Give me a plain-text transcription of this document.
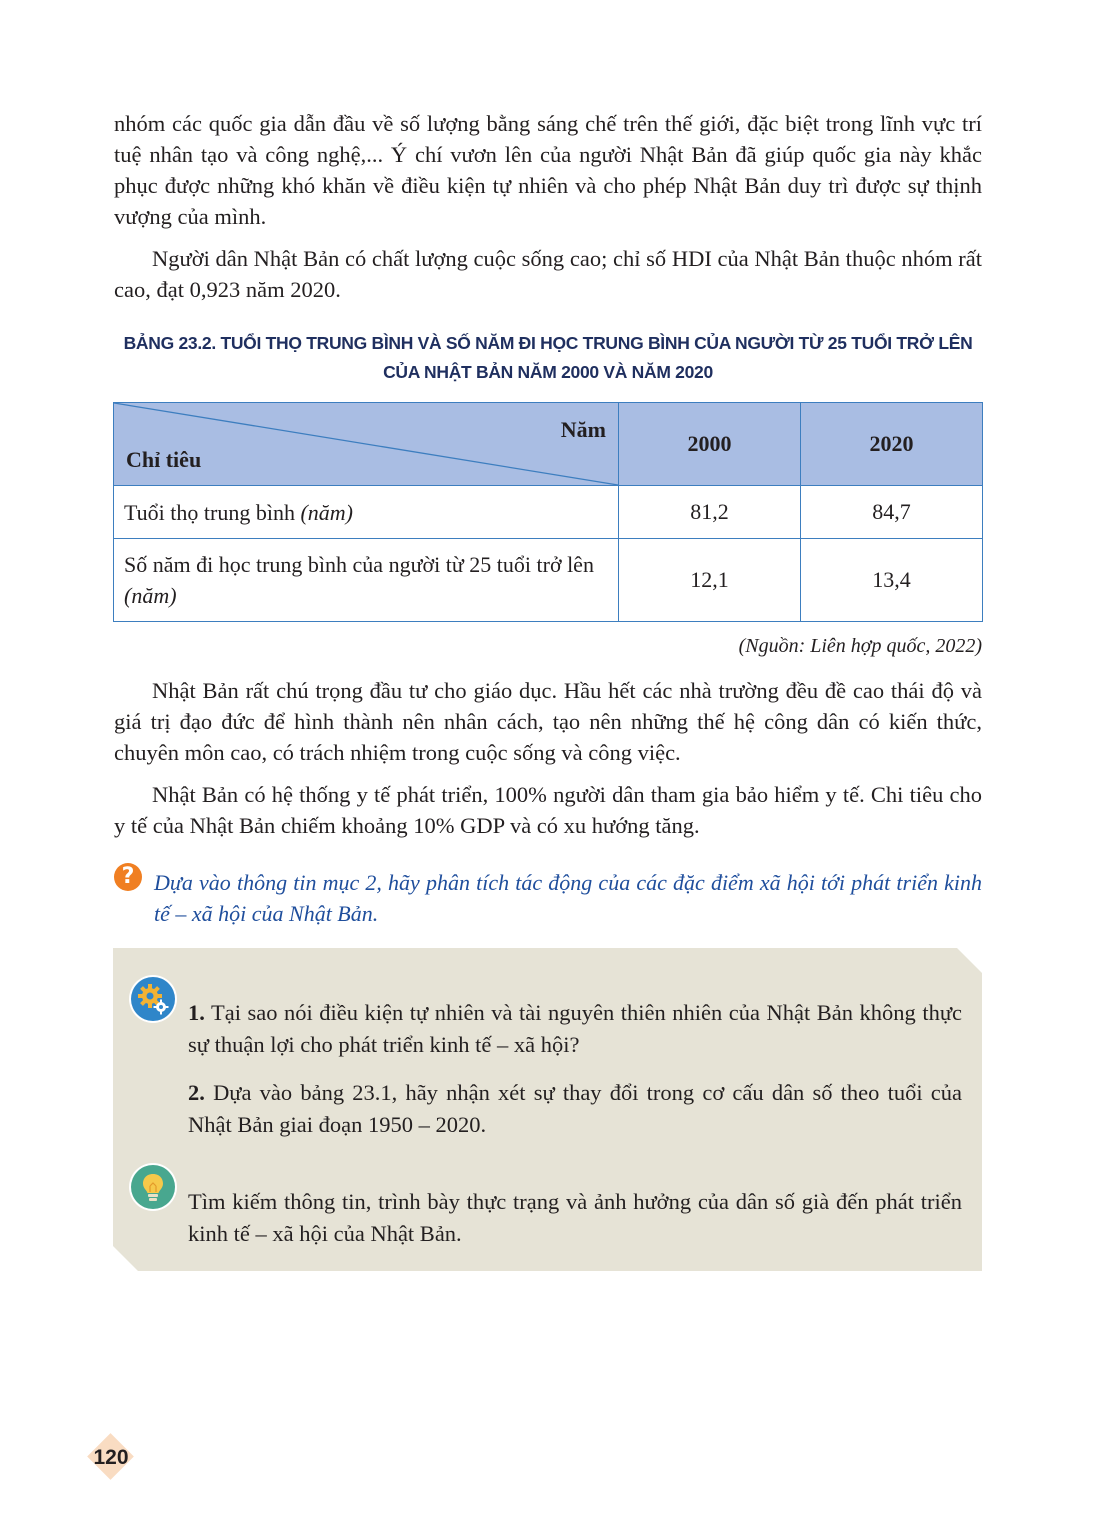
nhóm các quốc gia dẫn đầu về số lượng bằng sáng chế trên thế giới, đặc biệt trong lĩnh vực trí tuệ nhân tạo và công nghệ,... Ý chí vươn lên của người Nhật Bản đã giúp quốc gia này khắc phục được những khó khăn về điều kiện tự nhiên và cho phép Nhật Bản duy trì được sự thịnh vượng của mình.

Người dân Nhật Bản có chất lượng cuộc sống cao; chỉ số HDI của Nhật Bản thuộc nhóm rất cao, đạt 0,923 năm 2020.

BẢNG 23.2. TUỔI THỌ TRUNG BÌNH VÀ SỐ NĂM ĐI HỌC TRUNG BÌNH CỦA NGƯỜI TỪ 25 TUỔI TRỞ LÊN
CỦA NHẬT BẢN NĂM 2000 VÀ NĂM 2020
Năm
Chỉ tiêu	2000	2020
Tuổi thọ trung bình (năm)	81,2	84,7
Số năm đi học trung bình của người từ 25 tuổi trở lên (năm)	12,1	13,4
(Nguồn: Liên hợp quốc, 2022)

Nhật Bản rất chú trọng đầu tư cho giáo dục. Hầu hết các nhà trường đều đề cao thái độ và giá trị đạo đức để hình thành nên nhân cách, tạo nên những thế hệ công dân có kiến thức, chuyên môn cao, có trách nhiệm trong cuộc sống và công việc.

Nhật Bản có hệ thống y tế phát triển, 100% người dân tham gia bảo hiểm y tế. Chi tiêu cho y tế của Nhật Bản chiếm khoảng 10% GDP và có xu hướng tăng.

? Dựa vào thông tin mục 2, hãy phân tích tác động của các đặc điểm xã hội tới phát triển kinh tế – xã hội của Nhật Bản.

1. Tại sao nói điều kiện tự nhiên và tài nguyên thiên nhiên của Nhật Bản không thực sự thuận lợi cho phát triển kinh tế – xã hội?

2. Dựa vào bảng 23.1, hãy nhận xét sự thay đổi trong cơ cấu dân số theo tuổi của Nhật Bản giai đoạn 1950 – 2020.

Tìm kiếm thông tin, trình bày thực trạng và ảnh hưởng của dân số già đến phát triển kinh tế – xã hội của Nhật Bản.

120
